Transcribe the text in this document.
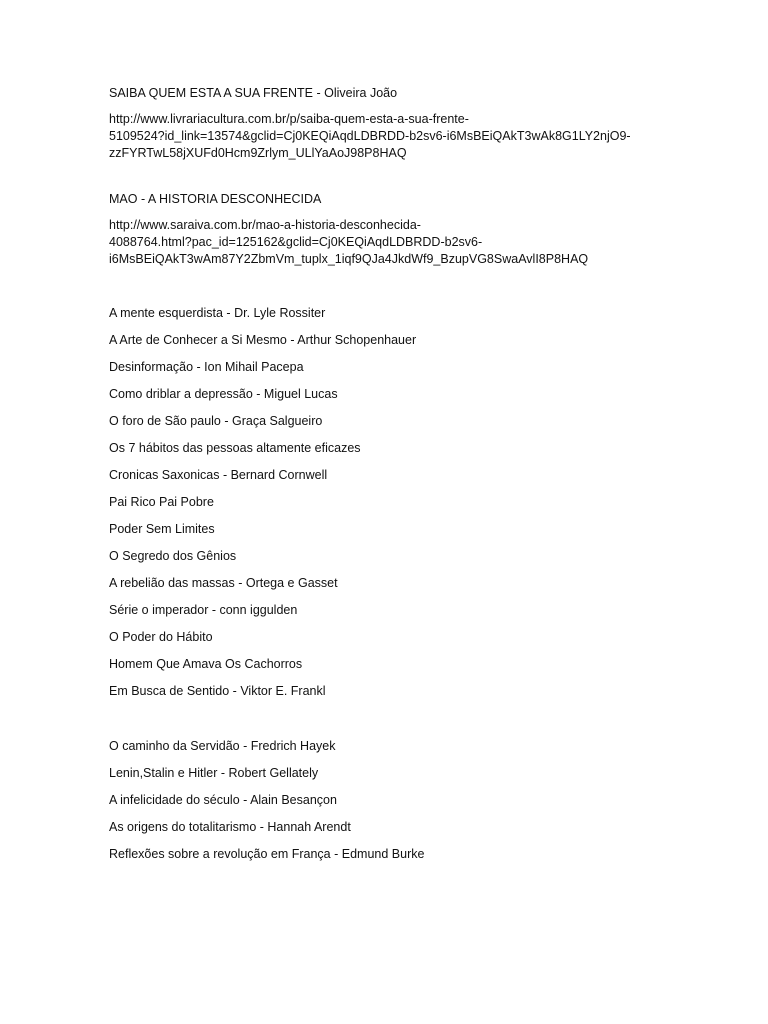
SAIBA QUEM ESTA A SUA FRENTE - Oliveira João

http://www.livrariacultura.com.br/p/saiba-quem-esta-a-sua-frente-

5109524?id_link=13574&gclid=Cj0KEQiAqdLDBRDD-b2sv6-i6MsBEiQAkT3wAk8G1LY2njO9-

zzFYRTwL58jXUFd0Hcm9Zrlym_ULlYaAoJ98P8HAQ

MAO - A HISTORIA DESCONHECIDA

http://www.saraiva.com.br/mao-a-historia-desconhecida-

4088764.html?pac_id=125162&gclid=Cj0KEQiAqdLDBRDD-b2sv6-

i6MsBEiQAkT3wAm87Y2ZbmVm_tuplx_1iqf9QJa4JkdWf9_BzupVG8SwaAvlI8P8HAQ

A mente esquerdista - Dr. Lyle Rossiter

A Arte de Conhecer a Si Mesmo - Arthur Schopenhauer

Desinformação - Ion Mihail Pacepa

Como driblar a depressão - Miguel Lucas

O foro de São paulo - Graça Salgueiro

Os 7 hábitos das pessoas altamente eficazes

Cronicas Saxonicas - Bernard Cornwell

Pai Rico Pai Pobre

Poder Sem Limites

O Segredo dos Gênios

A rebelião das massas - Ortega e Gasset

Série o imperador - conn iggulden

O Poder do Hábito

Homem Que Amava Os Cachorros

Em Busca de Sentido - Viktor E. Frankl

O caminho da Servidão - Fredrich Hayek

Lenin,Stalin e Hitler - Robert Gellately

A infelicidade do século - Alain Besançon

As origens do totalitarismo - Hannah Arendt

Reflexões sobre a revolução em França - Edmund Burke
